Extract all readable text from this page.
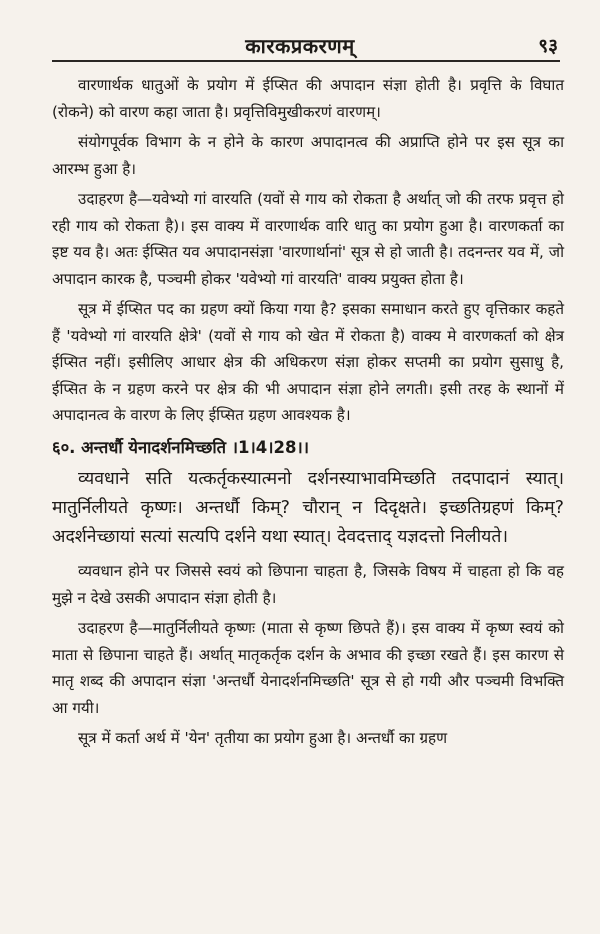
कारकप्रकरणम्	९३

वारणार्थक धातुओं के प्रयोग में ईप्सित की अपादान संज्ञा होती है। प्रवृत्ति के विघात (रोकने) को वारण कहा जाता है। प्रवृत्तिविमुखीकरणं वारणम्।

संयोगपूर्वक विभाग के न होने के कारण अपादानत्व की अप्राप्ति होने पर इस सूत्र का आरम्भ हुआ है।

उदाहरण है—यवेभ्यो गां वारयति (यवों से गाय को रोकता है अर्थात् जो की तरफ प्रवृत्त हो रही गाय को रोकता है)। इस वाक्य में वारणार्थक वारि धातु का प्रयोग हुआ है। वारणकर्ता का इष्ट यव है। अतः ईप्सित यव अपादानसंज्ञा 'वारणार्थानां' सूत्र से हो जाती है। तदनन्तर यव में, जो अपादान कारक है, पञ्चमी होकर 'यवेभ्यो गां वारयति' वाक्य प्रयुक्त होता है।

सूत्र में ईप्सित पद का ग्रहण क्यों किया गया है? इसका समाधान करते हुए वृत्तिकार कहते हैं 'यवेभ्यो गां वारयति क्षेत्रे' (यवों से गाय को खेत में रोकता है) वाक्य मे वारणकर्ता को क्षेत्र ईप्सित नहीं। इसीलिए आधार क्षेत्र की अधिकरण संज्ञा होकर सप्तमी का प्रयोग सुसाधु है, ईप्सित के न ग्रहण करने पर क्षेत्र की भी अपादान संज्ञा होने लगती। इसी तरह के स्थानों में अपादानत्व के वारण के लिए ईप्सित ग्रहण आवश्यक है।

६०. अन्तर्धौ येनादर्शनमिच्छति ।1।4।28।।

व्यवधाने सति यत्कर्तृकस्यात्मनो दर्शनस्याभावमिच्छति तदपादानं स्यात्। मातुर्निलीयते कृष्णः। अन्तर्धौ किम्? चौरान् न दिदृक्षते। इच्छतिग्रहणं किम्? अदर्शनेच्छायां सत्यां सत्यपि दर्शने यथा स्यात्। देवदत्ताद् यज्ञदत्तो निलीयते।

व्यवधान होने पर जिससे स्वयं को छिपाना चाहता है, जिसके विषय में चाहता हो कि वह मुझे न देखे उसकी अपादान संज्ञा होती है।

उदाहरण है—मातुर्निलीयते कृष्णः (माता से कृष्ण छिपते हैं)। इस वाक्य में कृष्ण स्वयं को माता से छिपाना चाहते हैं। अर्थात् मातृकर्तृक दर्शन के अभाव की इच्छा रखते हैं। इस कारण से मातृ शब्द की अपादान संज्ञा 'अन्तर्धौ येनादर्शनमिच्छति' सूत्र से हो गयी और पञ्चमी विभक्ति आ गयी।

सूत्र में कर्ता अर्थ में 'येन' तृतीया का प्रयोग हुआ है। अन्तर्धौ का ग्रहण
